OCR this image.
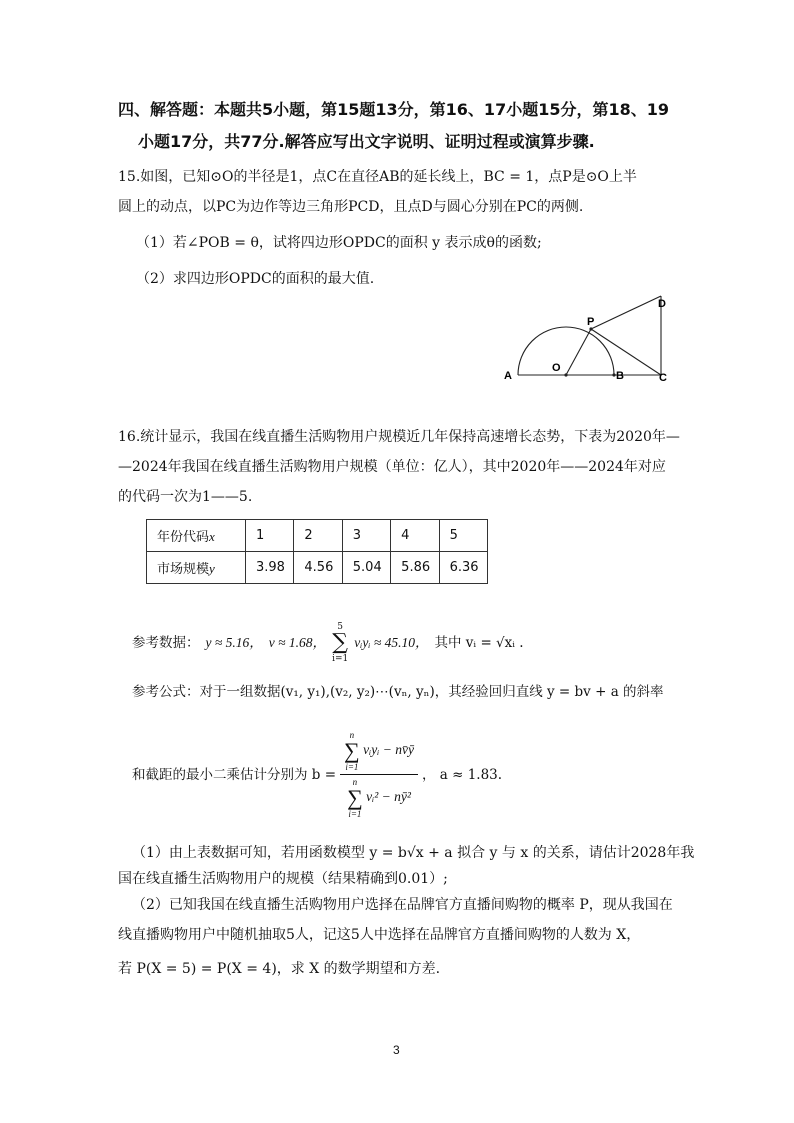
四、解答题：本题共5小题，第15题13分，第16、17小题15分，第18、19
小题17分，共77分.解答应写出文字说明、证明过程或演算步骤.
15.如图，已知⊙O的半径是1，点C在直径AB的延长线上，BC = 1，点P是⊙O上半
圆上的动点，以PC为边作等边三角形PCD，且点D与圆心分别在PC的两侧.
（1）若∠POB = θ，试将四边形OPDC的面积 y 表示成θ的函数;
（2）求四边形OPDC的面积的最大值.
A
O
P
B	C
D
16.统计显示，我国在线直播生活购物用户规模近几年保持高速增长态势，下表为2020年—
—2024年我国在线直播生活购物用户规模（单位：亿人），其中2020年——2024年对应
的代码一次为1——5.
年份代码x	1	2	3	4	5
市场规模y	3.98	4.56	5.04	5.86	6.36
参考数据： y ≈ 5.16， v ≈ 1.68，
5
∑
i=1
vᵢyᵢ ≈ 45.10， 其中 vᵢ = √xᵢ .
参考公式：对于一组数据(v₁, y₁),(v₂, y₂)⋯(vₙ, yₙ)，其经验回归直线 y = bv + a 的斜率
和截距的最小二乘估计分别为 b = n
∑
i=1
vᵢyᵢ − nv̄ȳ
n
∑
i=1
vᵢ² − nȳ² ， a ≈ 1.83.
（1）由上表数据可知，若用函数模型 y = b√x + a 拟合 y 与 x 的关系，请估计2028年我
国在线直播生活购物用户的规模（结果精确到0.01）;
（2）已知我国在线直播生活购物用户选择在品牌官方直播间购物的概率 P，现从我国在
线直播购物用户中随机抽取5人，记这5人中选择在品牌官方直播间购物的人数为 X，
若 P(X = 5) = P(X = 4)，求 X 的数学期望和方差.
3
